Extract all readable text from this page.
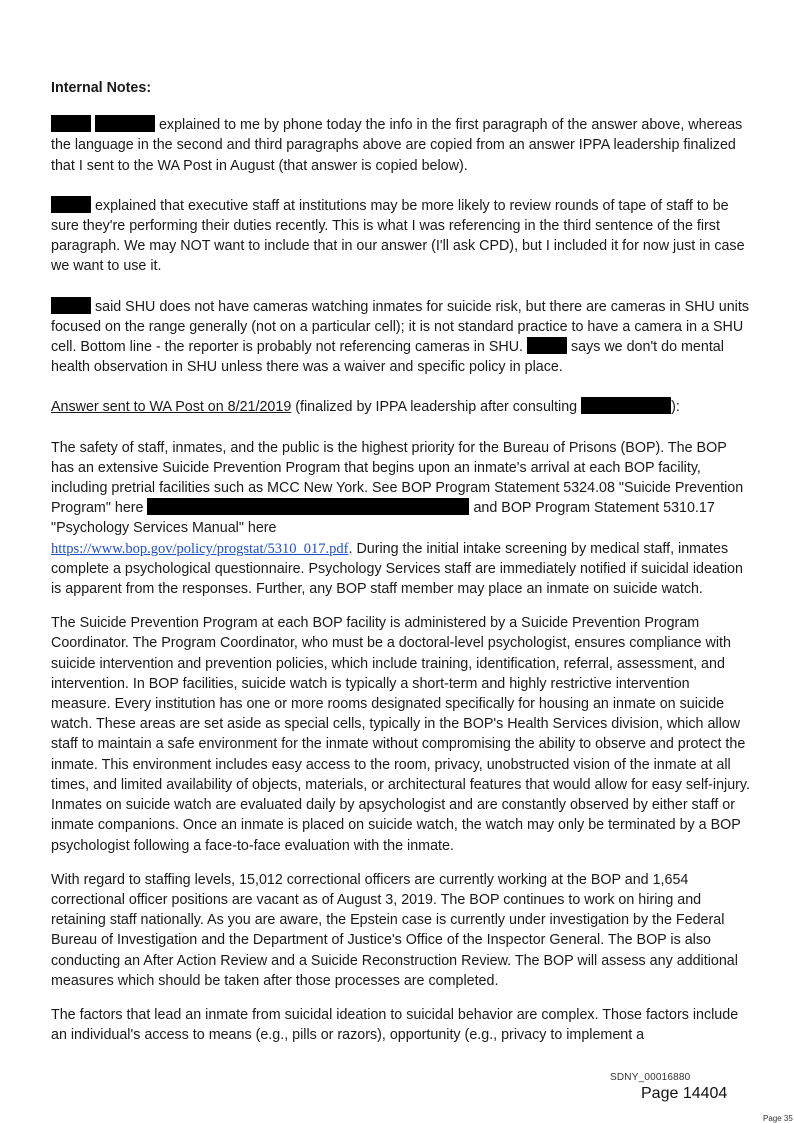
Internal Notes:

explained to me by phone today the info in the first paragraph of the answer above, whereas the language in the second and third paragraphs above are copied from an answer IPPA leadership finalized that I sent to the WA Post in August (that answer is copied below).

explained that executive staff at institutions may be more likely to review rounds of tape of staff to be sure they're performing their duties recently. This is what I was referencing in the third sentence of the first paragraph. We may NOT want to include that in our answer (I'll ask CPD), but I included it for now just in case we want to use it.

said SHU does not have cameras watching inmates for suicide risk, but there are cameras in SHU units focused on the range generally (not on a particular cell); it is not standard practice to have a camera in a SHU cell. Bottom line - the reporter is probably not referencing cameras in SHU.	says we don't do mental health observation in SHU unless there was a waiver and specific policy in place.

Answer sent to WA Post on 8/21/2019 (finalized by IPPA leadership after consulting	):

The safety of staff, inmates, and the public is the highest priority for the Bureau of Prisons (BOP). The BOP has an extensive Suicide Prevention Program that begins upon an inmate's arrival at each BOP facility, including pretrial facilities such as MCC New York. See BOP Program Statement 5324.08 "Suicide Prevention Program" here	and BOP Program Statement 5310.17 "Psychology Services Manual" here
https://www.bop.gov/policy/progstat/5310_017.pdf. During the initial intake screening by medical staff, inmates complete a psychological questionnaire. Psychology Services staff are immediately notified if suicidal ideation is apparent from the responses. Further, any BOP staff member may place an inmate on suicide watch.

The Suicide Prevention Program at each BOP facility is administered by a Suicide Prevention Program Coordinator. The Program Coordinator, who must be a doctoral-level psychologist, ensures compliance with suicide intervention and prevention policies, which include training, identification, referral, assessment, and intervention. In BOP facilities, suicide watch is typically a short-term and highly restrictive intervention measure. Every institution has one or more rooms designated specifically for housing an inmate on suicide watch. These areas are set aside as special cells, typically in the BOP's Health Services division, which allow staff to maintain a safe environment for the inmate without compromising the ability to observe and protect the inmate. This environment includes easy access to the room, privacy, unobstructed vision of the inmate at all times, and limited availability of objects, materials, or architectural features that would allow for easy self-injury. Inmates on suicide watch are evaluated daily by apsychologist and are constantly observed by either staff or inmate companions. Once an inmate is placed on suicide watch, the watch may only be terminated by a BOP psychologist following a face-to-face evaluation with the inmate.

With regard to staffing levels, 15,012 correctional officers are currently working at the BOP and 1,654 correctional officer positions are vacant as of August 3, 2019. The BOP continues to work on hiring and retaining staff nationally. As you are aware, the Epstein case is currently under investigation by the Federal Bureau of Investigation and the Department of Justice's Office of the Inspector General. The BOP is also conducting an After Action Review and a Suicide Reconstruction Review. The BOP will assess any additional measures which should be taken after those processes are completed.

The factors that lead an inmate from suicidal ideation to suicidal behavior are complex. Those factors include an individual's access to means (e.g., pills or razors), opportunity (e.g., privacy to implement a

SDNY_00016880
Page 14404
Page 35
